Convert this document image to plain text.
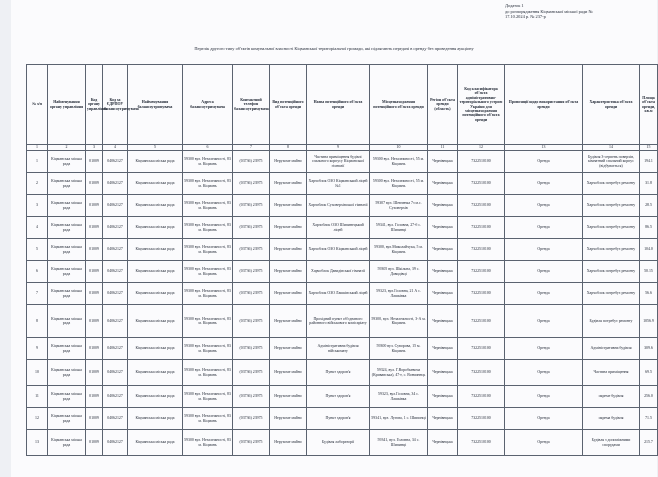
Додаток 1
до розпорядження Кіцманської міської ради №
17.10.2024 р. № 237-р
Перелік другого типу об'єктів комунальної власності Кіцманської територіальної громади, які підлягають передачі в оренду без проведення аукціону
№ з/п	Найменування органу управління	Код органу управління	Код за ЄДРПОУ балансоутримувача	Найменування балансоутримувача	Адреса балансоутримувача	Контактний телефон балансоутримувача	Вид потенційного об'єкта оренди	Назва потенційного об'єкта оренди	Місцезнаходження потенційного об'єкта оренди	Регіон об'єкта оренди (область)	Код класифікатора об'єкта адміністративно-територіального устрою України для місцезнаходження потенційного об'єкта оренди	Пропозиції щодо використання об'єкта оренди	Характеристика об'єкта оренди	Площа об'єкта оренди, кв.м
1	2	3	4	5	6	7	8	9	10	11	12	13	14	15
1	Кіцманська міська рада	01009	04062127	Кіцманська міська рада	59300 вул. Незалежності, 83 м. Кіцмань	(03736) 23975	Нерухоме майно	Частина приміщення будівлі спального корпусу Кіцманської гімназії	59300 вул. Незалежності, 55 м. Кіцмань	Чернівецька	7322510100	Оренда	Будівля 3-серпень поверхів, кімнатний спальний корпус (відбувається)	194.1
2	Кіцманська міська рада	01009	04062127	Кіцманська міська рада	59300 вул. Незалежності, 83 м. Кіцмань	(03736) 23975	Нерухоме майно	Харчоблок ОЗО Кіцманський ліцей №1	59300 вул. Незалежності, 55 м. Кіцмань	Чернівецька	7322510100	Оренда	Харчоблок потребує ремонту	31.8
3	Кіцманська міська рада	01009	04062127	Кіцманська міська рада	59300 вул. Незалежності, 83 м. Кіцмань	(03736) 23975	Нерухоме майно	Харчоблок Суховерхівської гімназії	59307 вул. Шевченка 7з м.с. Суховерхів	Чернівецька	7322510100	Оренда	Харчоблок потребує ремонту	28.5
4	Кіцманська міська рада	01009	04062127	Кіцманська міська рада	59300 вул. Незалежності, 83 м. Кіцмань	(03736) 23975	Нерухоме майно	Харчоблок ОЗО Шипинецький ліцей	59341, вул. Головна, 27-б с. Шипинці	Чернівецька	7322510100	Оренда	Харчоблок потребує ремонту	86.5
5	Кіцманська міська рада	01009	04062127	Кіцманська міська рада	59300 вул. Незалежності, 83 м. Кіцмань	(03736) 23975	Нерухоме майно	Харчоблок ОЗО Кіцманський ліцей	59300, вул.Миколайчука, 5 м. Кіцмань	Чернівецька	7322510100	Оренда	Харчоблок потребує ремонту	104.0
6	Кіцманська міська рада	01009	04062127	Кіцманська міська рада	59300 вул. Незалежності, 83 м. Кіцмань	(03736) 23975	Нерухоме майно	Харчоблок Давидівської гімназії	59305 вул. Шкільна, 39 с. Давидівці	Чернівецька	7322510100	Оренда	Харчоблок потребує ремонту	50.15
7	Кіцманська міська рада	01009	04062127	Кіцманська міська рада	59300 вул. Незалежності, 83 м. Кіцмань	(03736) 23975	Нерухоме майно	Харчоблок ОЗО Лашківський ліцей	59323, вул.Головна, 21 А с. Лашківка	Чернівецька	7322510100	Оренда	Харчоблок потребує ремонту	56.6
8	Кіцманська міська рада	01009	04062127	Кіцманська міська рада	59300 вул. Незалежності, 83 м. Кіцмань	(03736) 23975	Нерухоме майно	Прохідний пункт об'єднаного районного військового комісаріату	59300, вул. Незалежності, 3-А м. Кіцмань	Чернівецька	7322510100	Оренда	Будівля потребує ремонту	1056.9
9	Кіцманська міська рада	01009	04062127	Кіцманська міська рада	59300 вул. Незалежності, 83 м. Кіцмань	(03736) 23975	Нерухоме майно	Адміністративна будівля військомату	59300 вул. Суворова, 15 м. Кіцмань	Чернівецька	7322510100	Оренда	Адміністративна будівля	309.6
10	Кіцманська міська рада	01009	04062127	Кіцманська міська рада	59300 вул. Незалежності, 83 м. Кіцмань	(03736) 23975	Нерухоме майно	Пункт здоров'я	59324, вул. Г.Воробкевича (Кривавська), 47-г, с. Вовчинець	Чернівецька	7322510100	Оренда	Частина приміщення	69.5
11	Кіцманська міська рада	01009	04062127	Кіцманська міська рада	59300 вул. Незалежності, 83 м. Кіцмань	(03736) 23975	Нерухоме майно	Пункт здоров'я	59323, вул.Головна, 34 с. Лашківка	Чернівецька	7322510100	Оренда	окреме будівля	256.0
12	Кіцманська міська рада	01009	04062127	Кіцманська міська рада	59300 вул. Незалежності, 83 м. Кіцмань	(03736) 23975	Нерухоме майно	Пункт здоров'я	59341, вул. Лугова, 1 с. Шипинці	Чернівецька	7322510100	Оренда	окрема будівля	71.5
13	Кіцманська міська рада	01009	04062127	Кіцманська міська рада	59300 вул. Незалежності, 83 м. Кіцмань	(03736) 23975	Нерухоме майно	Будівля лабораторії	59341, вул. Головна, 34 с. Шипинці	Чернівецька	7322510100	Оренда	Будівля з допоміжними спорудами	215.7
